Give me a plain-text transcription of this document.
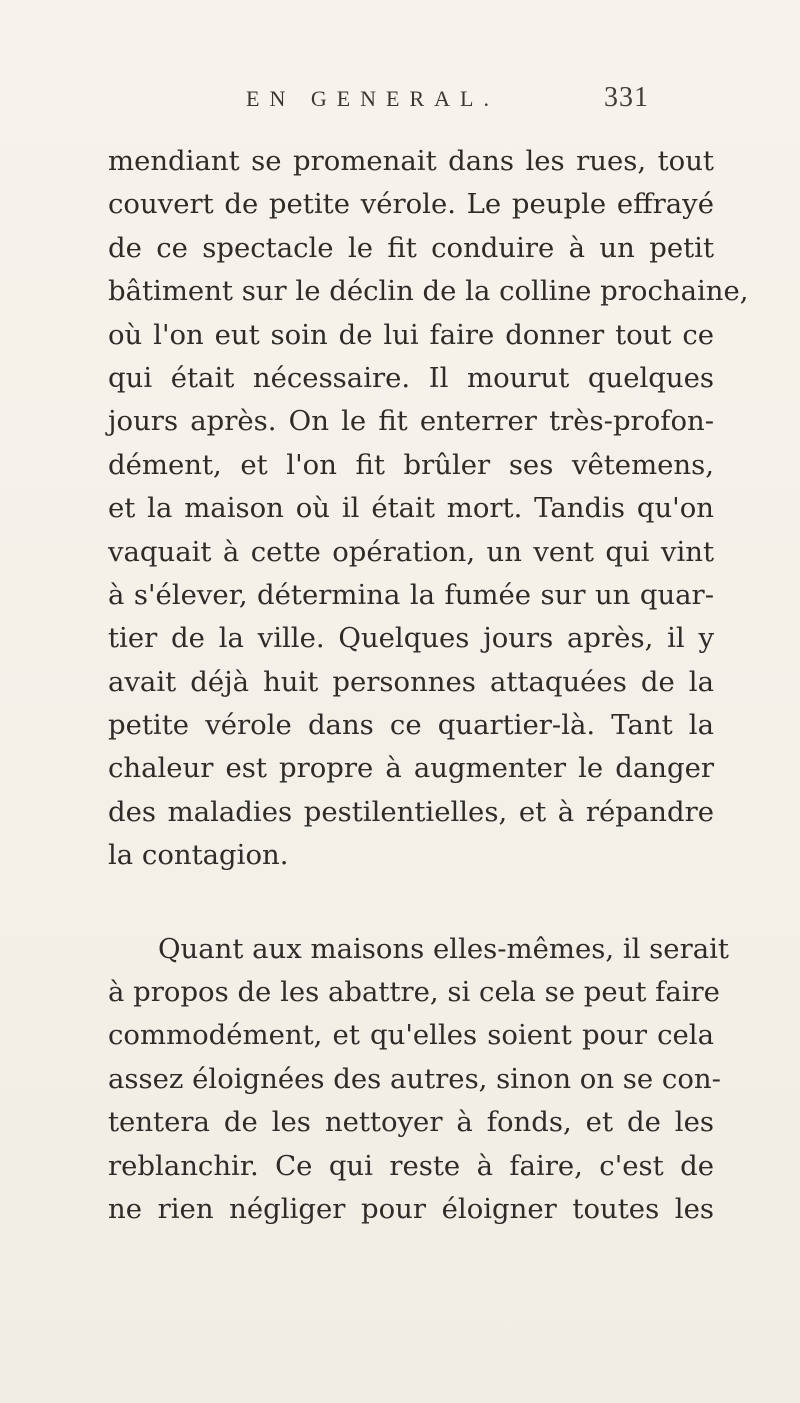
EN GENERAL.	331
mendiant se promenait dans les rues, tout
couvert de petite vérole. Le peuple effrayé
de ce spectacle le fit conduire à un petit
bâtiment sur le déclin de la colline prochaine,
où l'on eut soin de lui faire donner tout ce
qui était nécessaire. Il mourut quelques
jours après. On le fit enterrer très-profon-
dément, et l'on fit brûler ses vêtemens,
et la maison où il était mort. Tandis qu'on
vaquait à cette opération, un vent qui vint
à s'élever, détermina la fumée sur un quar-
tier de la ville. Quelques jours après, il y
avait déjà huit personnes attaquées de la
petite vérole dans ce quartier-là. Tant la
chaleur est propre à augmenter le danger
des maladies pestilentielles, et à répandre
la contagion.
Quant aux maisons elles-mêmes, il serait
à propos de les abattre, si cela se peut faire
commodément, et qu'elles soient pour cela
assez éloignées des autres, sinon on se con-
tentera de les nettoyer à fonds, et de les
reblanchir. Ce qui reste à faire, c'est de
ne rien négliger pour éloigner toutes les
